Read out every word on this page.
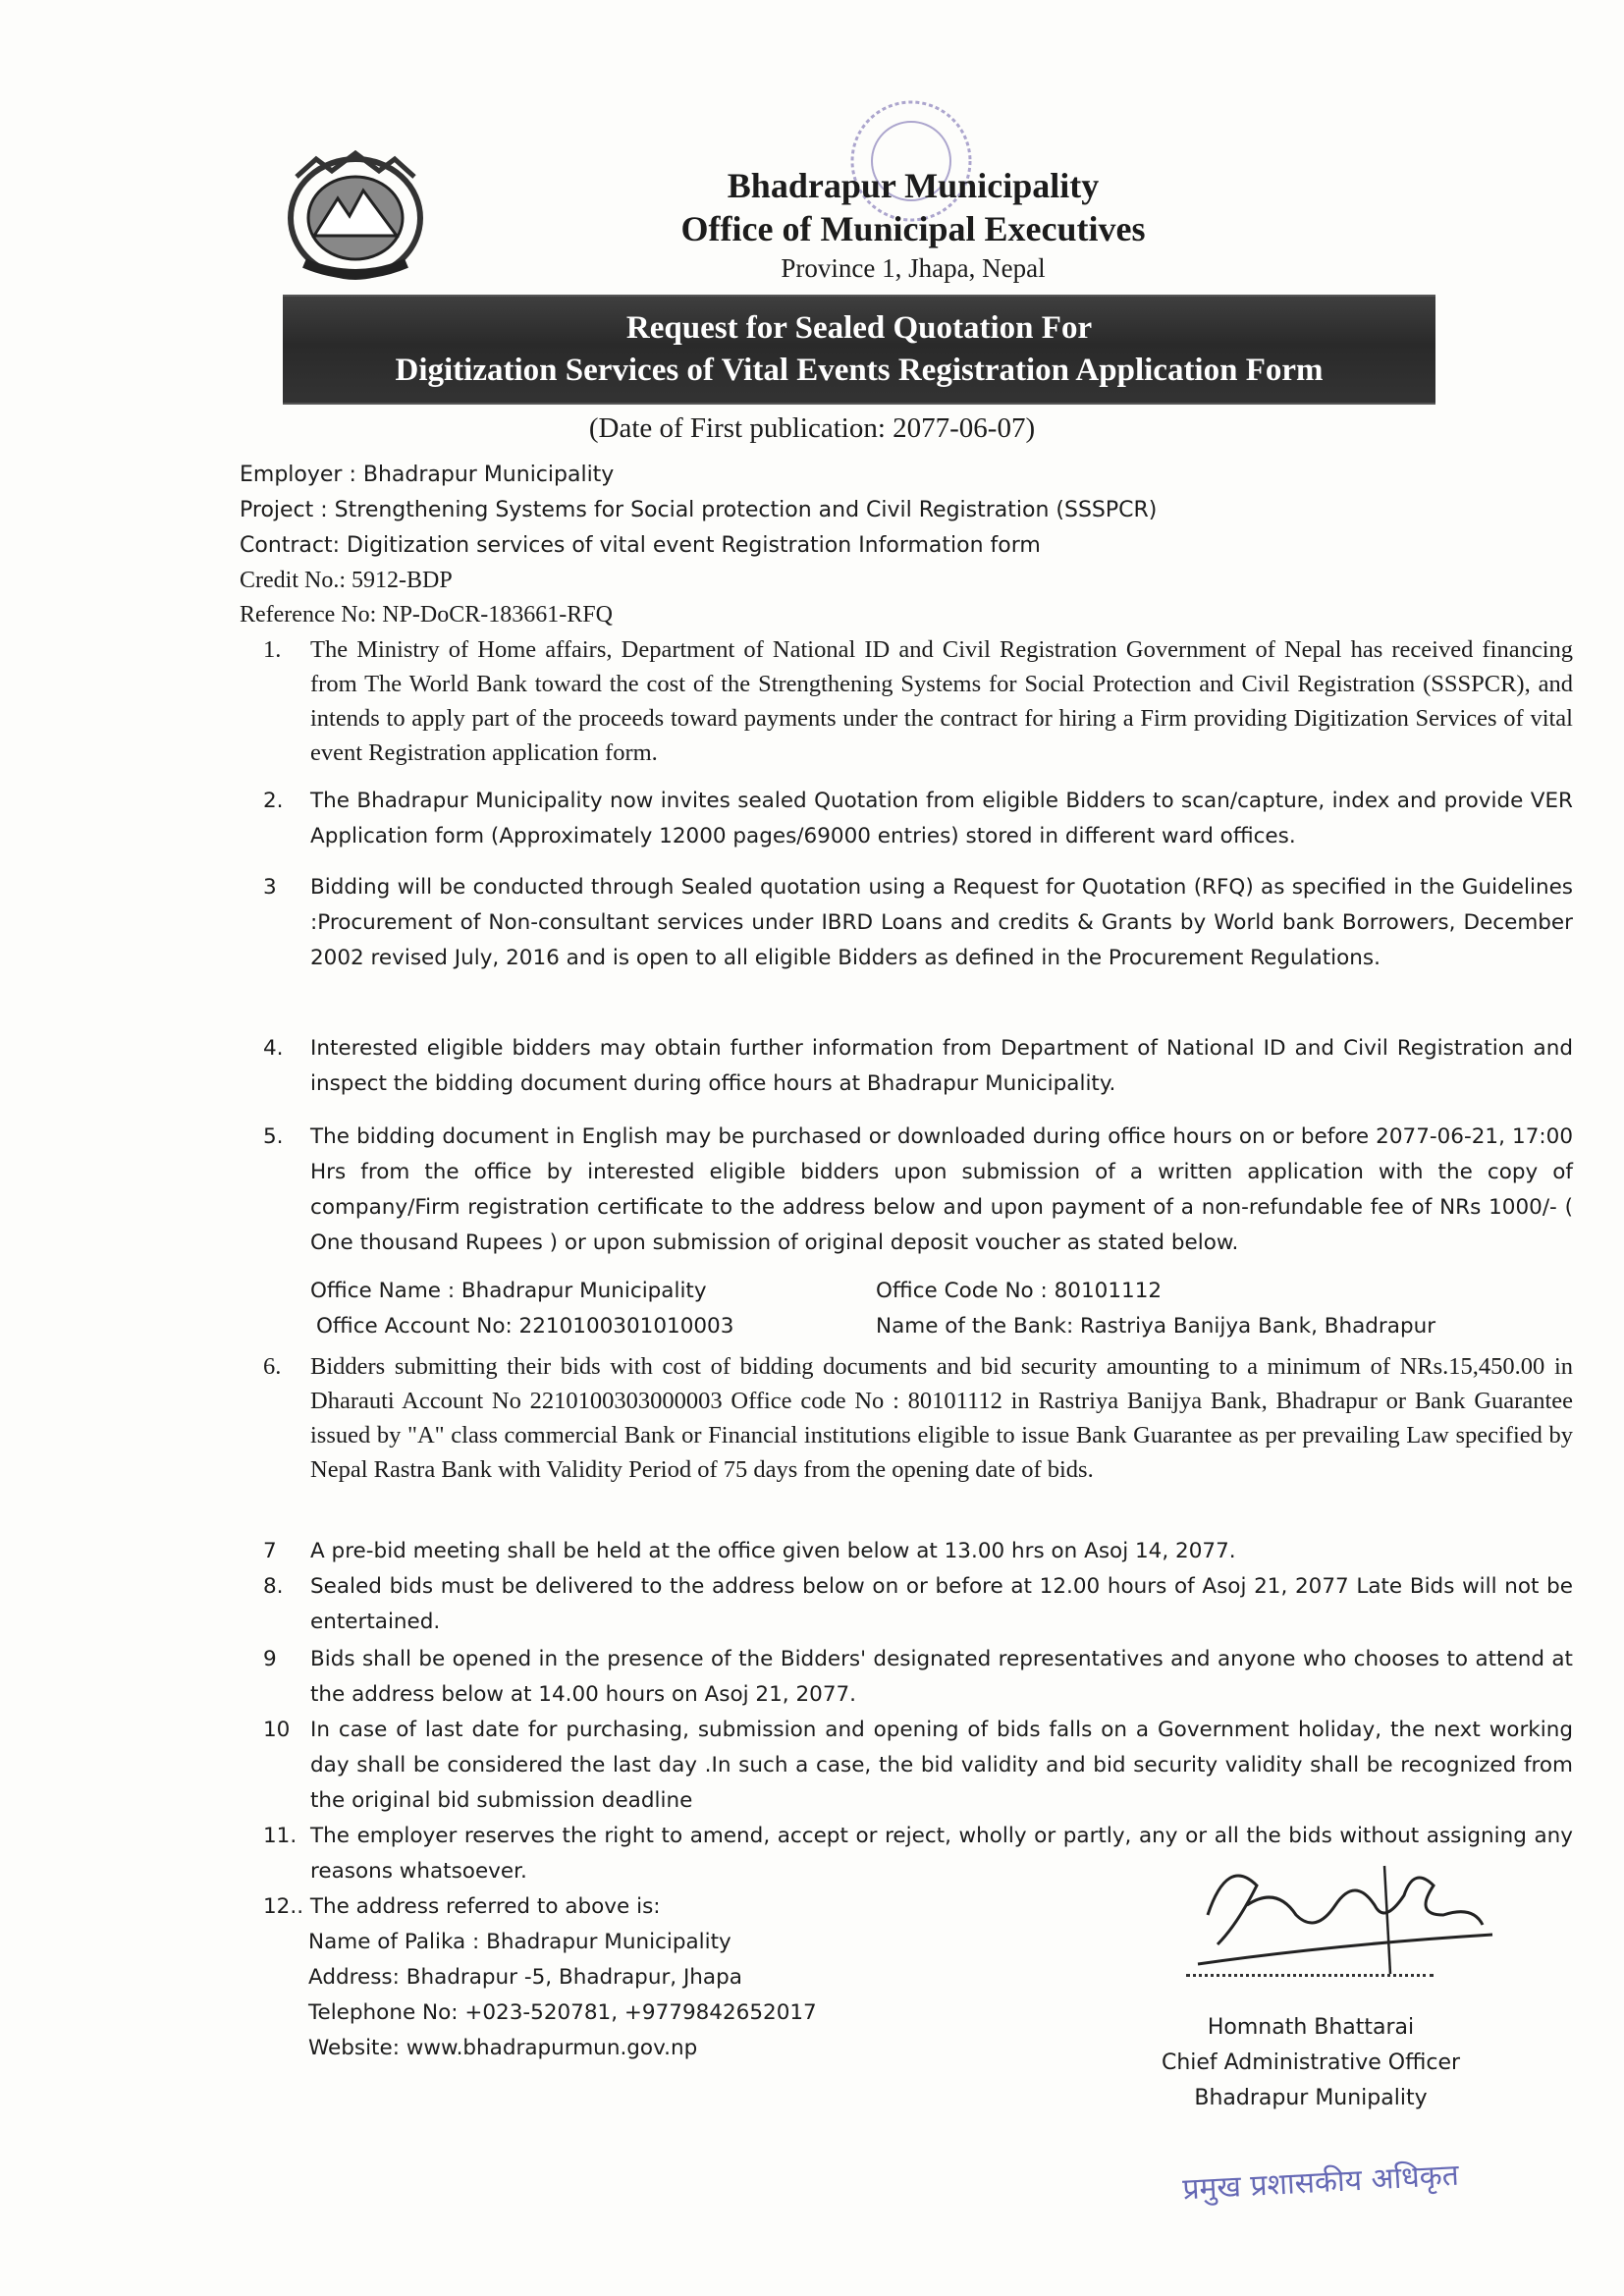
Bhadrapur Municipality
Office of Municipal Executives
Province 1, Jhapa, Nepal
Request for Sealed Quotation For
Digitization Services of Vital Events Registration Application Form
(Date of First publication: 2077-06-07)
Employer : Bhadrapur Municipality
Project : Strengthening Systems for Social protection and Civil Registration (SSSPCR)
Contract: Digitization services of vital event Registration Information form
Credit No.: 5912-BDP
Reference No: NP-DoCR-183661-RFQ
1. The Ministry of Home affairs, Department of National ID and Civil Registration Government of Nepal has received financing from The World Bank toward the cost of the Strengthening Systems for Social Protection and Civil Registration (SSSPCR), and intends to apply part of the proceeds toward payments under the contract for hiring a Firm providing Digitization Services of vital event Registration application form.
2. The Bhadrapur Municipality now invites sealed Quotation from eligible Bidders to scan/capture, index and provide VER Application form (Approximately 12000 pages/69000 entries) stored in different ward offices.
3 Bidding will be conducted through Sealed quotation using a Request for Quotation (RFQ) as specified in the Guidelines :Procurement of Non-consultant services under IBRD Loans and credits & Grants by World bank Borrowers, December 2002 revised July, 2016 and is open to all eligible Bidders as defined in the Procurement Regulations.
4. Interested eligible bidders may obtain further information from Department of National ID and Civil Registration and inspect the bidding document during office hours at Bhadrapur Municipality.
5. The bidding document in English may be purchased or downloaded during office hours on or before 2077-06-21, 17:00 Hrs from the office by interested eligible bidders upon submission of a written application with the copy of company/Firm registration certificate to the address below and upon payment of a non-refundable fee of NRs 1000/- ( One thousand Rupees ) or upon submission of original deposit voucher as stated below.
Office Name : Bhadrapur Municipality	Office Code No : 80101112
Office Account No: 2210100301010003	Name of the Bank: Rastriya Banijya Bank, Bhadrapur
6. Bidders submitting their bids with cost of bidding documents and bid security amounting to a minimum of NRs.15,450.00 in Dharauti Account No 2210100303000003 Office code No : 80101112 in Rastriya Banijya Bank, Bhadrapur or Bank Guarantee issued by "A" class commercial Bank or Financial institutions eligible to issue Bank Guarantee as per prevailing Law specified by Nepal Rastra Bank with Validity Period of 75 days from the opening date of bids.
7 A pre-bid meeting shall be held at the office given below at 13.00 hrs on Asoj 14, 2077.
8. Sealed bids must be delivered to the address below on or before at 12.00 hours of Asoj 21, 2077 Late Bids will not be entertained.
9 Bids shall be opened in the presence of the Bidders' designated representatives and anyone who chooses to attend at the address below at 14.00 hours on Asoj 21, 2077.
10 In case of last date for purchasing, submission and opening of bids falls on a Government holiday, the next working day shall be considered the last day .In such a case, the bid validity and bid security validity shall be recognized from the original bid submission deadline
11. The employer reserves the right to amend, accept or reject, wholly or partly, any or all the bids without assigning any reasons whatsoever.
12.. The address referred to above is:
Name of Palika : Bhadrapur Municipality
Address: Bhadrapur -5, Bhadrapur, Jhapa
Telephone No: +023-520781, +9779842652017
Website: www.bhadrapurmun.gov.np
Homnath Bhattarai
Chief Administrative Officer
Bhadrapur Munipality
प्रमुख प्रशासकीय अधिकृत
